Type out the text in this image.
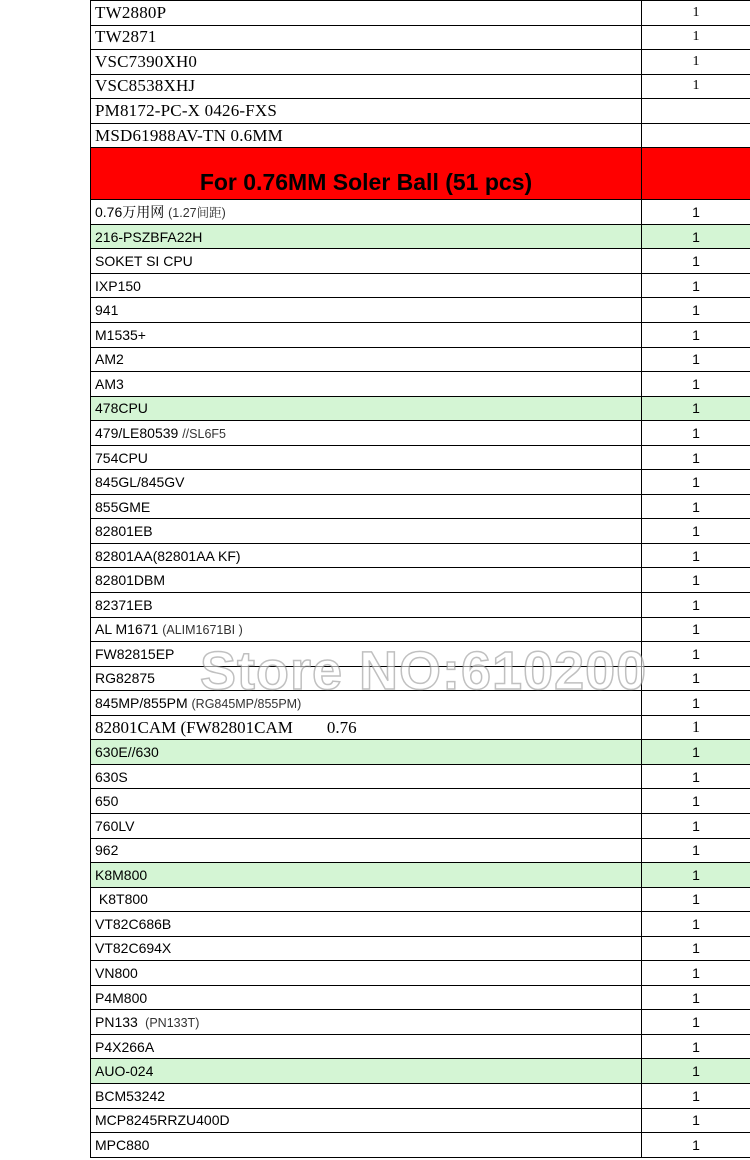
TW2880P	1
TW2871	1
VSC7390XH0	1
VSC8538XHJ	1
PM8172-PC-X 0426-FXS	
MSD61988AV-TN 0.6MM	
For 0.76MM Soler Ball (51 pcs)	
0.76万用网 (1.27间距)	1
216-PSZBFA22H	1
SOKET SI CPU	1
IXP150	1
941	1
M1535+	1
AM2	1
AM3	1
478CPU	1
479/LE80539 //SL6F5	1
754CPU	1
845GL/845GV	1
855GME	1
82801EB	1
82801AA(82801AA KF)	1
82801DBM	1
82371EB	1
AL M1671 (ALIM1671BI )	1
FW82815EP	1
RG82875	1
845MP/855PM (RG845MP/855PM)	1
82801CAM (FW82801CAM        0.76	1
630E//630	1
630S	1
650	1
760LV	1
962	1
K8M800	1
K8T800	1
VT82C686B	1
VT82C694X	1
VN800	1
P4M800	1
PN133  (PN133T)	1
P4X266A	1
AUO-024	1
BCM53242	1
MCP8245RRZU400D	1
MPC880	1
Store NO:610200
